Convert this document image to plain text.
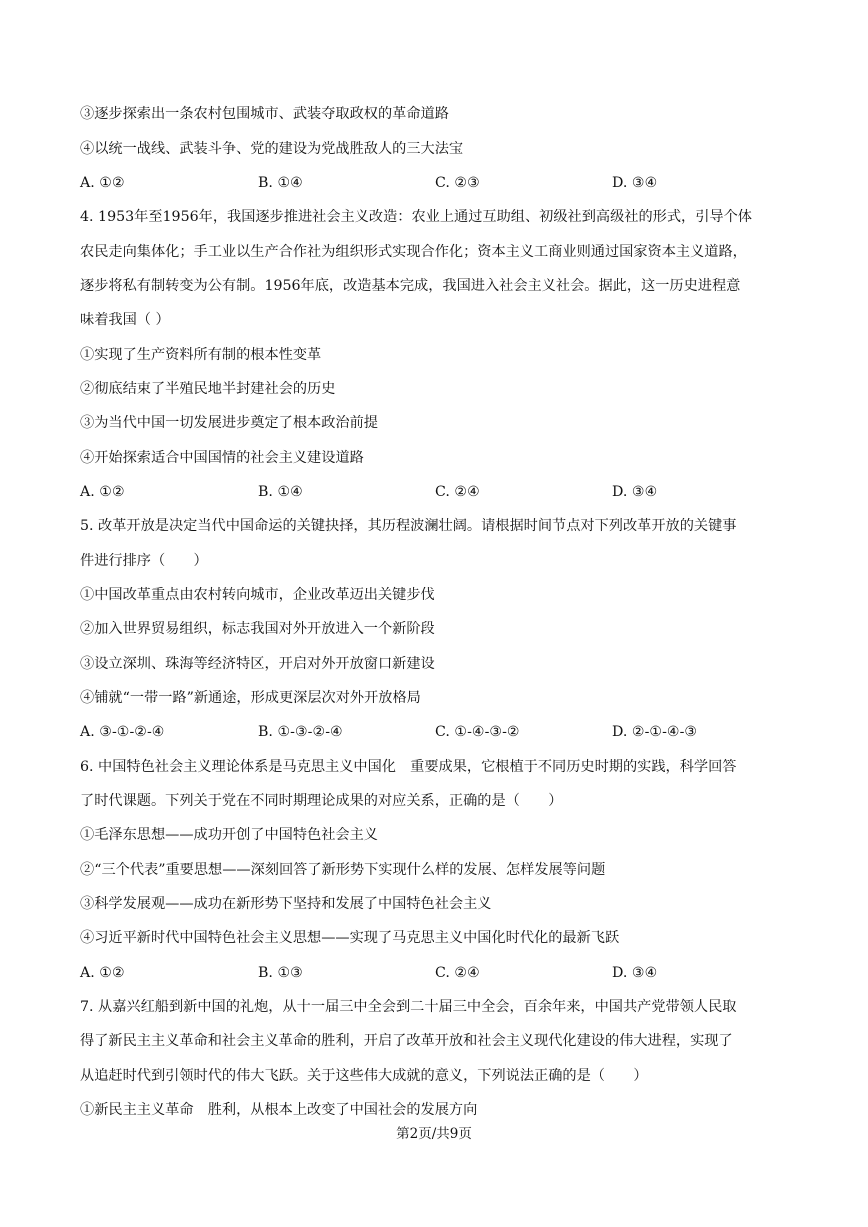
③逐步探索出一条农村包围城市、武装夺取政权的革命道路
④以统一战线、武装斗争、党的建设为党战胜敌人的三大法宝
A. ①②	B. ①④	C. ②③	D. ③④
4. 1953年至1956年，我国逐步推进社会主义改造：农业上通过互助组、初级社到高级社的形式，引导个体
农民走向集体化；手工业以生产合作社为组织形式实现合作化；资本主义工商业则通过国家资本主义道路，
逐步将私有制转变为公有制。1956年底，改造基本完成，我国进入社会主义社会。据此，这一历史进程意
味着我国（ ）
①实现了生产资料所有制的根本性变革
②彻底结束了半殖民地半封建社会的历史
③为当代中国一切发展进步奠定了根本政治前提
④开始探索适合中国国情的社会主义建设道路
A. ①②	B. ①④	C. ②④	D. ③④
5. 改革开放是决定当代中国命运的关键抉择，其历程波澜壮阔。请根据时间节点对下列改革开放的关键事
件进行排序（　　）
①中国改革重点由农村转向城市，企业改革迈出关键步伐
②加入世界贸易组织，标志我国对外开放进入一个新阶段
③设立深圳、珠海等经济特区，开启对外开放窗口新建设
④铺就“一带一路”新通途，形成更深层次对外开放格局
A. ③-①-②-④	B. ①-③-②-④	C. ①-④-③-②	D. ②-①-④-③
6. 中国特色社会主义理论体系是马克思主义中国化　重要成果，它根植于不同历史时期的实践，科学回答
了时代课题。下列关于党在不同时期理论成果的对应关系，正确的是（　　）
①毛泽东思想——成功开创了中国特色社会主义
②“三个代表”重要思想——深刻回答了新形势下实现什么样的发展、怎样发展等问题
③科学发展观——成功在新形势下坚持和发展了中国特色社会主义
④习近平新时代中国特色社会主义思想——实现了马克思主义中国化时代化的最新飞跃
A. ①②	B. ①③	C. ②④	D. ③④
7. 从嘉兴红船到新中国的礼炮，从十一届三中全会到二十届三中全会，百余年来，中国共产党带领人民取
得了新民主主义革命和社会主义革命的胜利，开启了改革开放和社会主义现代化建设的伟大进程，实现了
从追赶时代到引领时代的伟大飞跃。关于这些伟大成就的意义，下列说法正确的是（　　）
①新民主主义革命　胜利，从根本上改变了中国社会的发展方向
第2页/共9页
